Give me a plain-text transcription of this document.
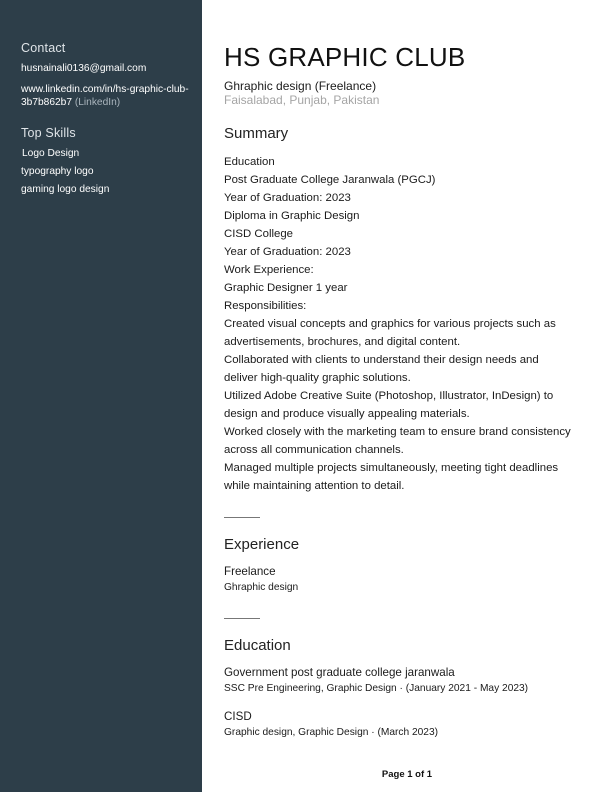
Contact
husnainali0136@gmail.com
www.linkedin.com/in/hs-graphic-club-3b7b862b7 (LinkedIn)
Top Skills
Logo Design
typography logo
gaming logo design
HS GRAPHIC CLUB
Ghraphic design (Freelance)
Faisalabad, Punjab, Pakistan
Summary
Education
Post Graduate College Jaranwala (PGCJ)
Year of Graduation: 2023
Diploma in Graphic Design
CISD College
Year of Graduation: 2023
Work Experience:
Graphic Designer 1 year
Responsibilities:
Created visual concepts and graphics for various projects such as
advertisements, brochures, and digital content.
Collaborated with clients to understand their design needs and
deliver high-quality graphic solutions.
Utilized Adobe Creative Suite (Photoshop, Illustrator, InDesign) to
design and produce visually appealing materials.
Worked closely with the marketing team to ensure brand consistency
across all communication channels.
Managed multiple projects simultaneously, meeting tight deadlines
while maintaining attention to detail.
Experience
Freelance
Ghraphic design
Education
Government post graduate college jaranwala
SSC Pre Engineering, Graphic Design · (January 2021 - May 2023)
CISD
Graphic design, Graphic Design · (March 2023)
Page 1 of 1
